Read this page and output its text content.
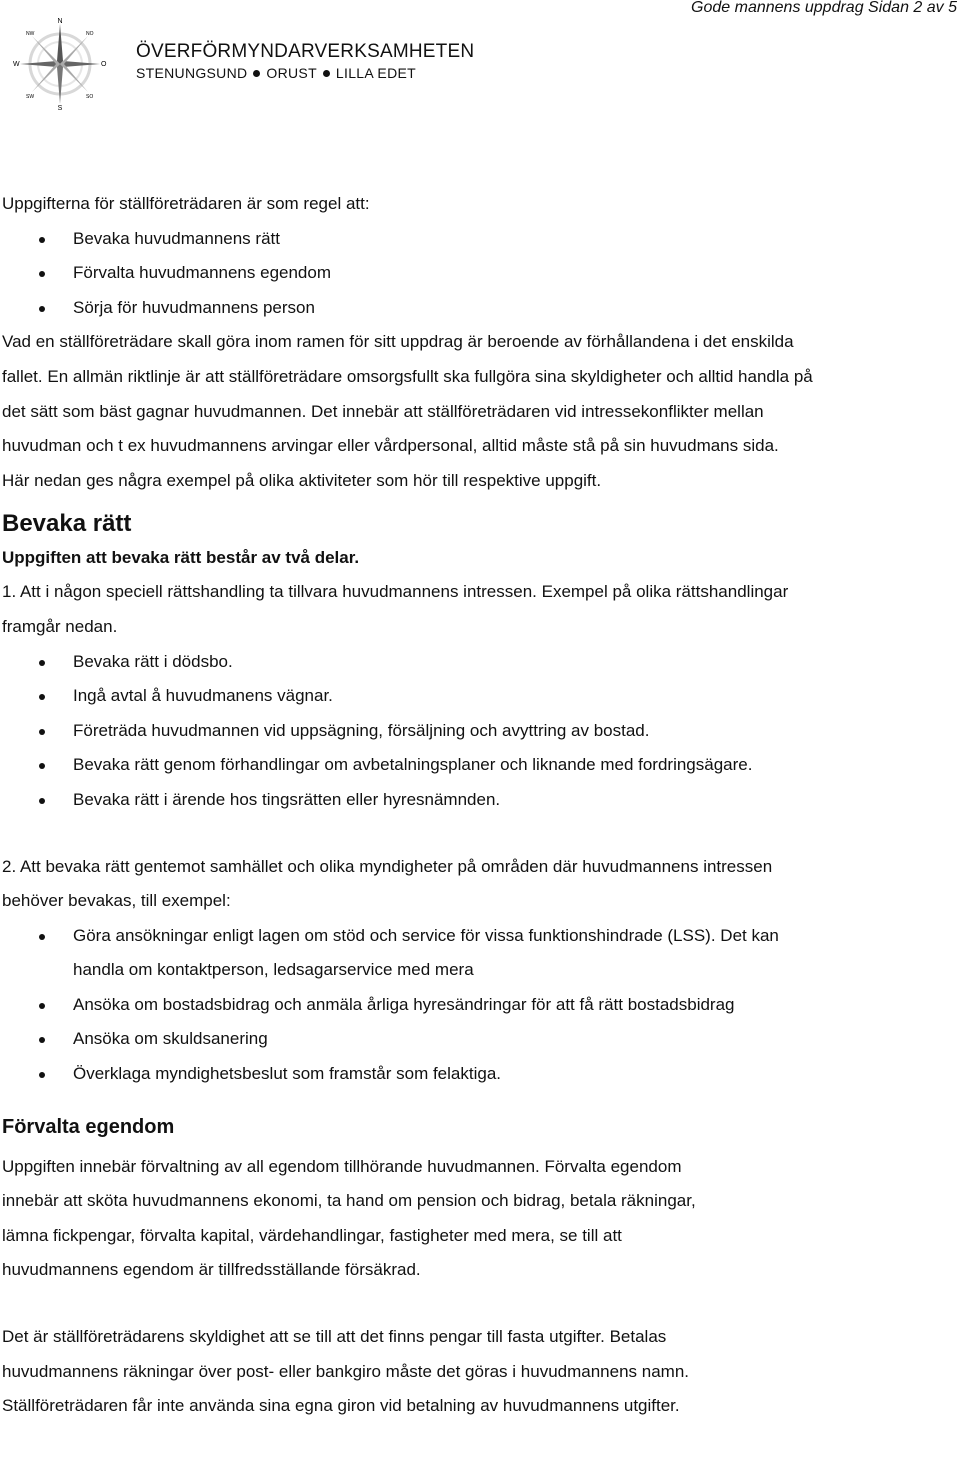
Gode mannens uppdrag Sidan 2 av 5
N
S
W	O
NW	NO
SW	SO
ÖVERFÖRMYNDARVERKSAMHETEN
STENUNGSUND ORUST LILLA EDET

Uppgifterna för ställföreträdaren är som regel att:

Bevaka huvudmannens rätt
Förvalta huvudmannens egendom
Sörja för huvudmannens person

Vad en ställföreträdare skall göra inom ramen för sitt uppdrag är beroende av förhållandena i det enskilda

fallet. En allmän riktlinje är att ställföreträdare omsorgsfullt ska fullgöra sina skyldigheter och alltid handla på

det sätt som bäst gagnar huvudmannen. Det innebär att ställföreträdaren vid intressekonflikter mellan

huvudman och t ex huvudmannens arvingar eller vårdpersonal, alltid måste stå på sin huvudmans sida.

Här nedan ges några exempel på olika aktiviteter som hör till respektive uppgift.

Bevaka rätt
Uppgiften att bevaka rätt består av två delar.

1. Att i någon speciell rättshandling ta tillvara huvudmannens intressen. Exempel på olika rättshandlingar

framgår nedan.

Bevaka rätt i dödsbo.
Ingå avtal å huvudmanens vägnar.
Företräda huvudmannen vid uppsägning, försäljning och avyttring av bostad.
Bevaka rätt genom förhandlingar om avbetalningsplaner och liknande med fordringsägare.
Bevaka rätt i ärende hos tingsrätten eller hyresnämnden.

2. Att bevaka rätt gentemot samhället och olika myndigheter på områden där huvudmannens intressen

behöver bevakas, till exempel:

Göra ansökningar enligt lagen om stöd och service för vissa funktionshindrade (LSS). Det kan
handla om kontaktperson, ledsagarservice med mera
Ansöka om bostadsbidrag och anmäla årliga hyresändringar för att få rätt bostadsbidrag
Ansöka om skuldsanering
Överklaga myndighetsbeslut som framstår som felaktiga.
Förvalta egendom

Uppgiften innebär förvaltning av all egendom tillhörande huvudmannen. Förvalta egendom

innebär att sköta huvudmannens ekonomi, ta hand om pension och bidrag, betala räkningar,

lämna fickpengar, förvalta kapital, värdehandlingar, fastigheter med mera, se till att

huvudmannens egendom är tillfredsställande försäkrad.

Det är ställföreträdarens skyldighet att se till att det finns pengar till fasta utgifter. Betalas

huvudmannens räkningar över post- eller bankgiro måste det göras i huvudmannens namn.

Ställföreträdaren får inte använda sina egna giron vid betalning av huvudmannens utgifter.
